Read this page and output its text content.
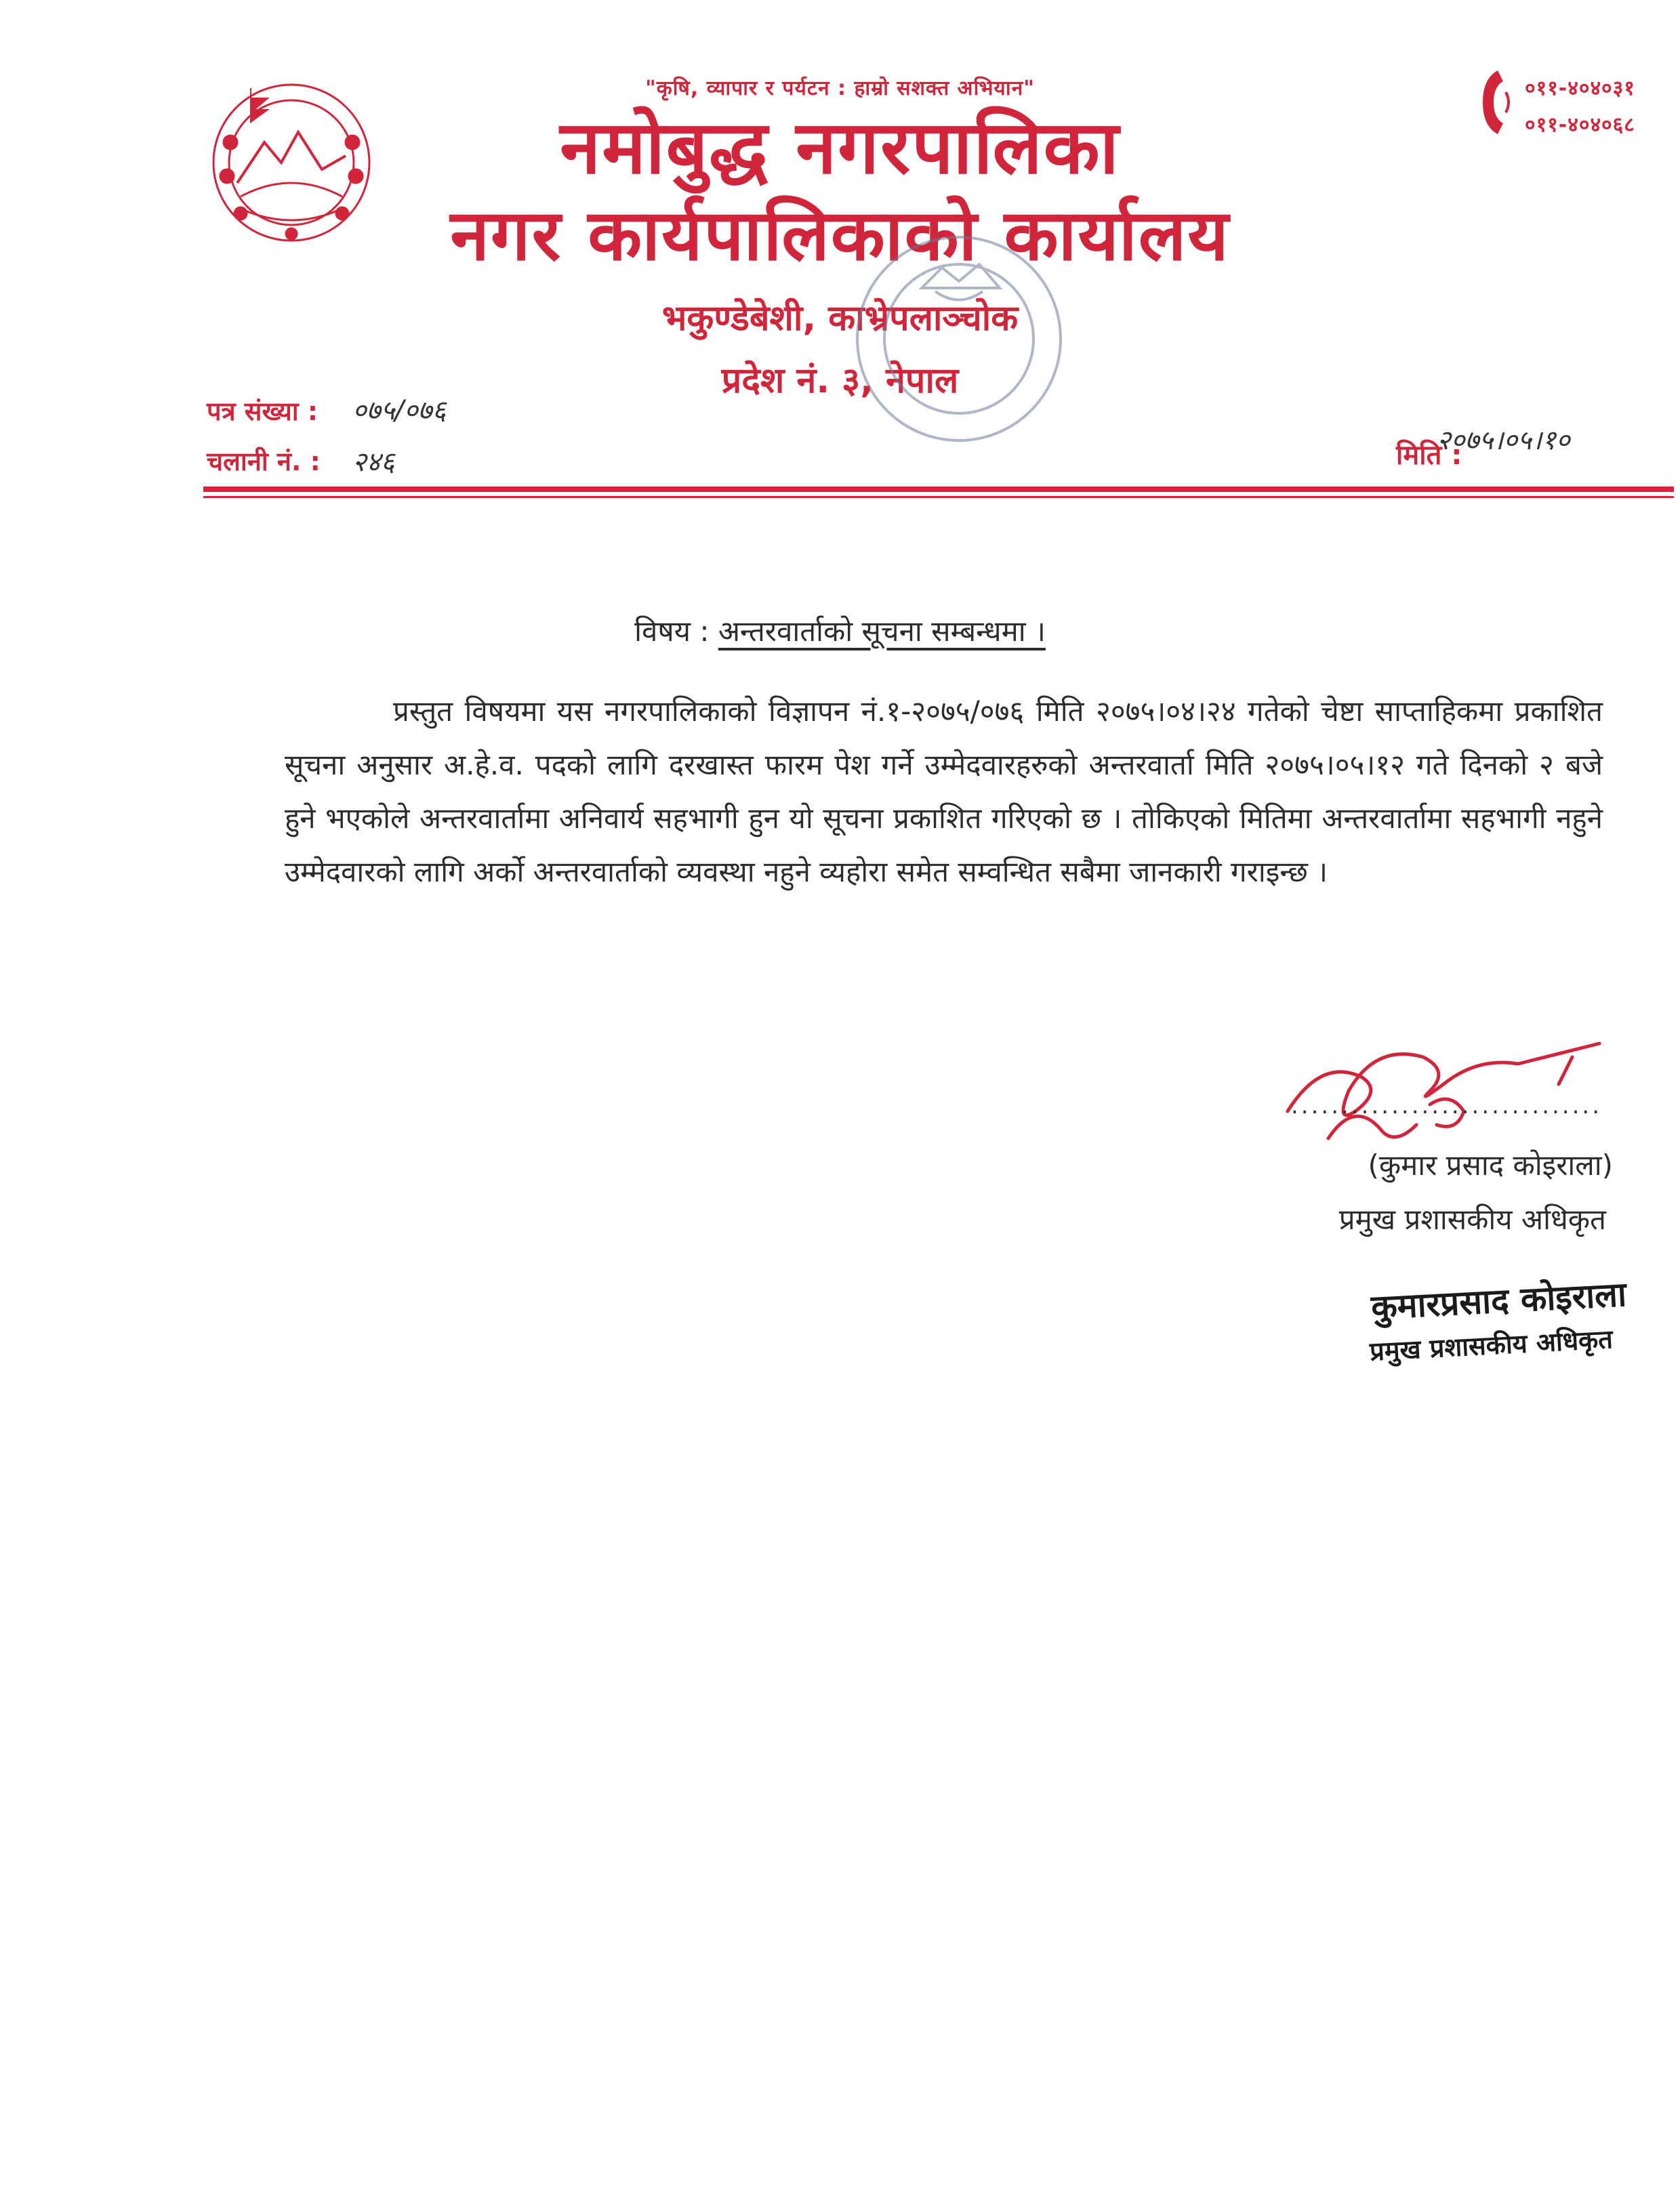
"कृषि, व्यापार र पर्यटन : हाम्रो सशक्त अभियान"
नमोबुद्ध नगरपालिका
नगर कार्यपालिकाको कार्यालय
भकुण्डेबेशी, काभ्रेपलाञ्चोक
प्रदेश नं. ३, नेपाल
०११-४०४०३१
०११-४०४०६८
पत्र संख्या : ०७५/०७६
चलानी नं. : २४६	मिति :
२०७५।०५।१०
विषय : अन्तरवार्ताको सूचना सम्बन्धमा ।
प्रस्तुत विषयमा यस नगरपालिकाको विज्ञापन नं.१-२०७५/०७६ मिति २०७५।०४।२४ गतेको चेष्टा साप्ताहिकमा प्रकाशित सूचना अनुसार अ.हे.व. पदको लागि दरखास्त फारम पेश गर्ने उम्मेदवारहरुको अन्तरवार्ता मिति २०७५।०५।१२ गते दिनको २ बजे हुने भएकोले अन्तरवार्तामा अनिवार्य सहभागी हुन यो सूचना प्रकाशित गरिएको छ । तोकिएको मितिमा अन्तरवार्तामा सहभागी नहुने उम्मेदवारको लागि अर्को अन्तरवार्ताको व्यवस्था नहुने व्यहोरा समेत सम्वन्धित सबैमा जानकारी गराइन्छ ।
...............................
(कुमार प्रसाद कोइराला)
प्रमुख प्रशासकीय अधिकृत
कुमारप्रसाद कोइराला
प्रमुख प्रशासकीय अधिकृत
